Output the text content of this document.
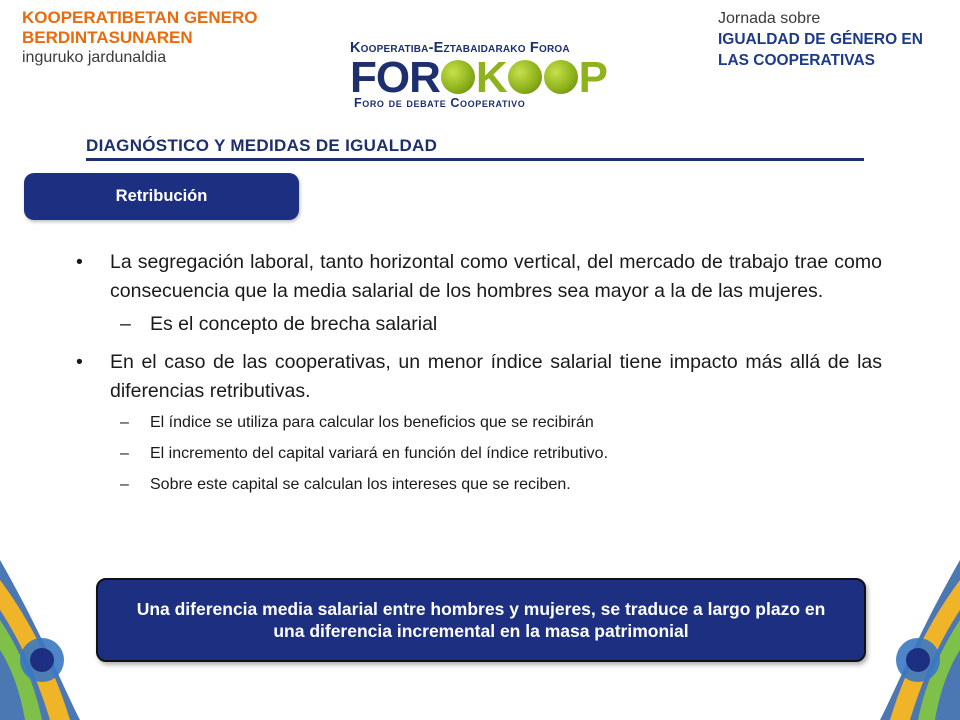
KOOPERATIBETAN GENERO
BERDINTASUNAREN
inguruko jardunaldia
Jornada sobre
IGUALDAD DE GÉNERO EN
LAS COOPERATIVAS
Kooperatiba-Eztabaidarako Foroa
FOR K P
Foro de debate Cooperativo
DIAGNÓSTICO Y MEDIDAS DE IGUALDAD
Retribución
•	La segregación laboral, tanto horizontal como vertical, del mercado de trabajo trae como consecuencia que la media salarial de los hombres sea mayor a la de las mujeres.
– Es el concepto de brecha salarial
•	En el caso de las cooperativas, un menor índice salarial tiene impacto más allá de las diferencias retributivas.
–	El índice se utiliza para calcular los beneficios que se recibirán
–	El incremento del capital variará en función del índice retributivo.
–	Sobre este capital se calculan los intereses que se reciben.

Una diferencia media salarial entre hombres y mujeres, se traduce a largo plazo en una diferencia incremental en la masa patrimonial
